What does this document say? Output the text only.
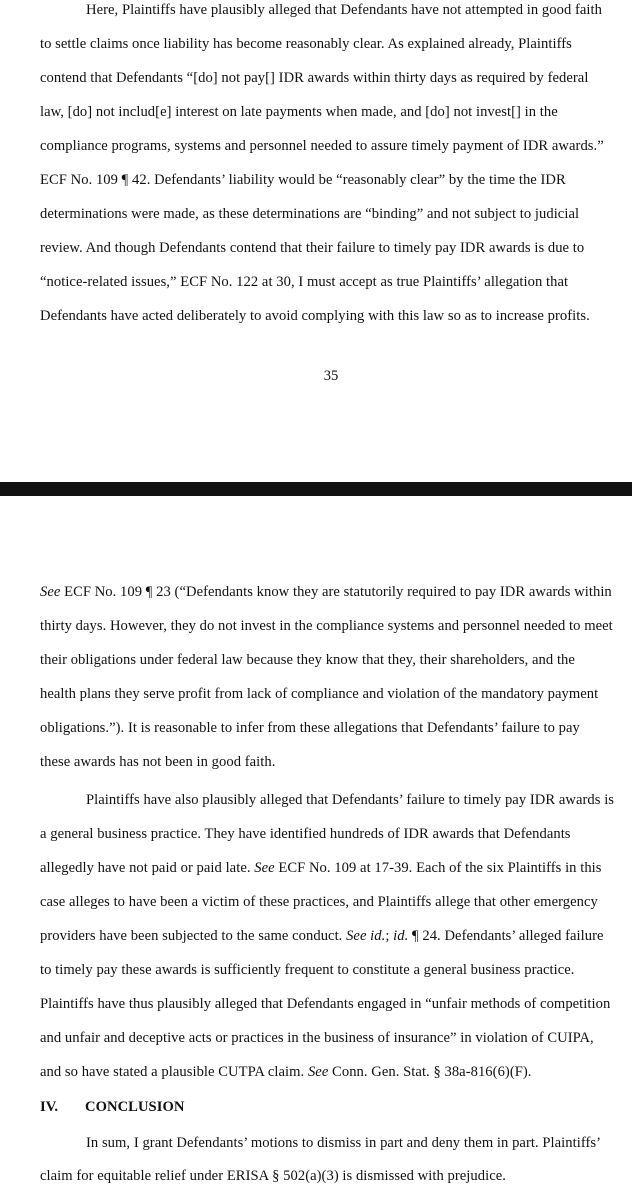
Here, Plaintiffs have plausibly alleged that Defendants have not attempted in good faith
to settle claims once liability has become reasonably clear. As explained already, Plaintiffs
contend that Defendants “[do] not pay[] IDR awards within thirty days as required by federal
law, [do] not includ[e] interest on late payments when made, and [do] not invest[] in the
compliance programs, systems and personnel needed to assure timely payment of IDR awards.”
ECF No. 109 ¶ 42. Defendants’ liability would be “reasonably clear” by the time the IDR
determinations were made, as these determinations are “binding” and not subject to judicial
review. And though Defendants contend that their failure to timely pay IDR awards is due to
“notice-related issues,” ECF No. 122 at 30, I must accept as true Plaintiffs’ allegation that
Defendants have acted deliberately to avoid complying with this law so as to increase profits.
35
See ECF No. 109 ¶ 23 (“Defendants know they are statutorily required to pay IDR awards within
thirty days. However, they do not invest in the compliance systems and personnel needed to meet
their obligations under federal law because they know that they, their shareholders, and the
health plans they serve profit from lack of compliance and violation of the mandatory payment
obligations.”). It is reasonable to infer from these allegations that Defendants’ failure to pay
these awards has not been in good faith.
Plaintiffs have also plausibly alleged that Defendants’ failure to timely pay IDR awards is
a general business practice. They have identified hundreds of IDR awards that Defendants
allegedly have not paid or paid late. See ECF No. 109 at 17-39. Each of the six Plaintiffs in this
case alleges to have been a victim of these practices, and Plaintiffs allege that other emergency
providers have been subjected to the same conduct. See id.; id. ¶ 24. Defendants’ alleged failure
to timely pay these awards is sufficiently frequent to constitute a general business practice.
Plaintiffs have thus plausibly alleged that Defendants engaged in “unfair methods of competition
and unfair and deceptive acts or practices in the business of insurance” in violation of CUIPA,
and so have stated a plausible CUTPA claim. See Conn. Gen. Stat. § 38a-816(6)(F).
IV. CONCLUSION
In sum, I grant Defendants’ motions to dismiss in part and deny them in part. Plaintiffs’
claim for equitable relief under ERISA § 502(a)(3) is dismissed with prejudice.
